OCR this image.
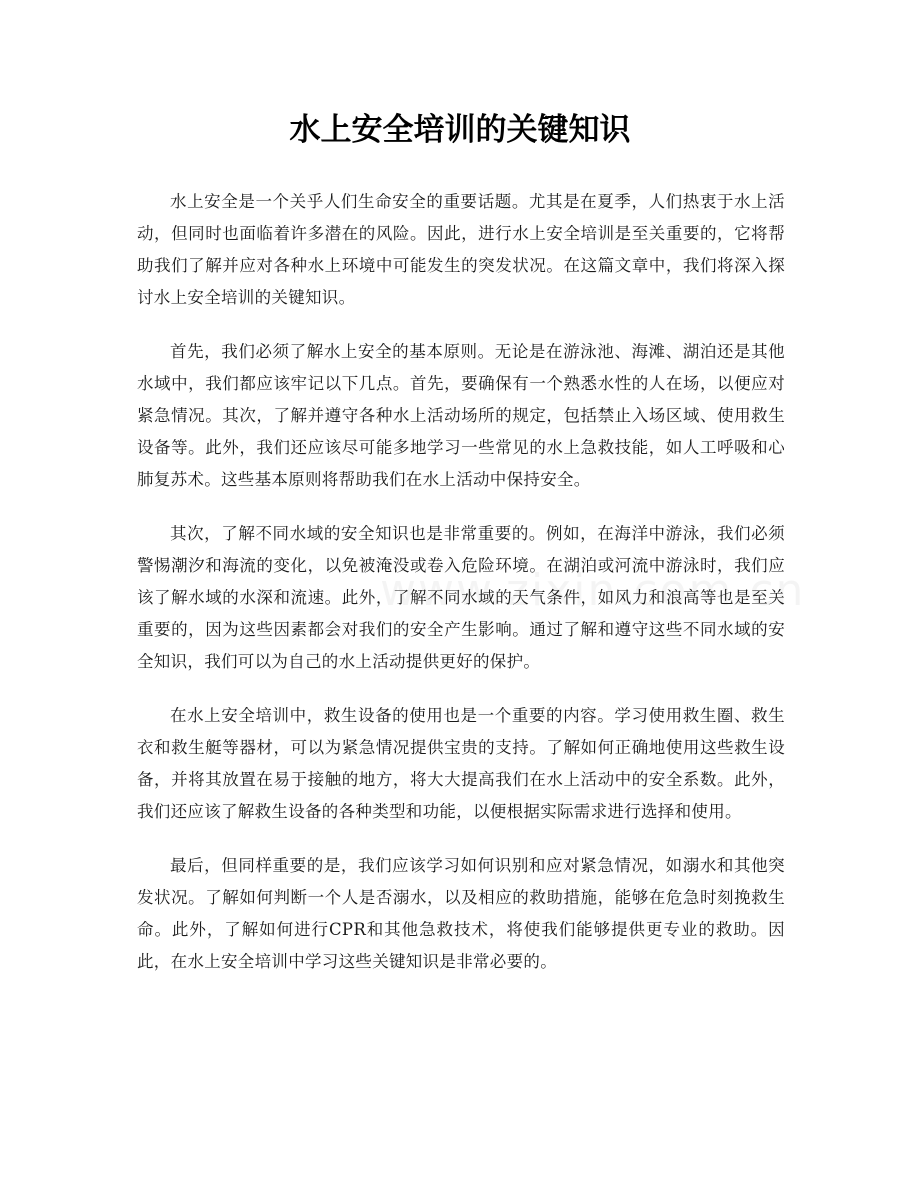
水上安全培训的关键知识

水上安全是一个关乎人们生命安全的重要话题。尤其是在夏季，人们热衷于水上活动，但同时也面临着许多潜在的风险。因此，进行水上安全培训是至关重要的，它将帮助我们了解并应对各种水上环境中可能发生的突发状况。在这篇文章中，我们将深入探讨水上安全培训的关键知识。

首先，我们必须了解水上安全的基本原则。无论是在游泳池、海滩、湖泊还是其他水域中，我们都应该牢记以下几点。首先，要确保有一个熟悉水性的人在场，以便应对紧急情况。其次，了解并遵守各种水上活动场所的规定，包括禁止入场区域、使用救生设备等。此外，我们还应该尽可能多地学习一些常见的水上急救技能，如人工呼吸和心肺复苏术。这些基本原则将帮助我们在水上活动中保持安全。

其次，了解不同水域的安全知识也是非常重要的。例如，在海洋中游泳，我们必须警惕潮汐和海流的变化，以免被淹没或卷入危险环境。在湖泊或河流中游泳时，我们应该了解水域的水深和流速。此外，了解不同水域的天气条件，如风力和浪高等也是至关重要的，因为这些因素都会对我们的安全产生影响。通过了解和遵守这些不同水域的安全知识，我们可以为自己的水上活动提供更好的保护。

在水上安全培训中，救生设备的使用也是一个重要的内容。学习使用救生圈、救生衣和救生艇等器材，可以为紧急情况提供宝贵的支持。了解如何正确地使用这些救生设备，并将其放置在易于接触的地方，将大大提高我们在水上活动中的安全系数。此外，我们还应该了解救生设备的各种类型和功能，以便根据实际需求进行选择和使用。

最后，但同样重要的是，我们应该学习如何识别和应对紧急情况，如溺水和其他突发状况。了解如何判断一个人是否溺水，以及相应的救助措施，能够在危急时刻挽救生命。此外，了解如何进行CPR和其他急救技术，将使我们能够提供更专业的救助。因此，在水上安全培训中学习这些关键知识是非常必要的。
